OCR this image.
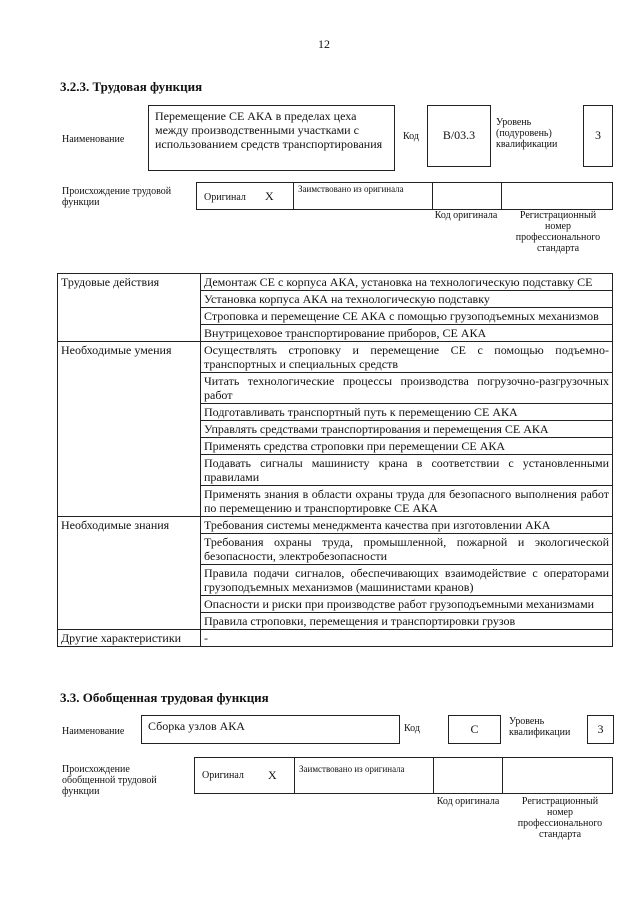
12
3.2.3. Трудовая функция
Наименование
Перемещение СЕ АКА в пределах цеха между производственными участками с использованием средств транспортирования
Код	В/03.3
Уровень (подуровень) квалификации
3
Происхождение трудовой функции	Оригинал X	Заимствовано из оригинала
Код оригинала	Регистрационный номер профессионального стандарта
Трудовые действия	Демонтаж СЕ с корпуса АКА, установка на технологическую подставку СЕ
	Установка корпуса АКА на технологическую подставку
	Строповка и перемещение СЕ АКА с помощью грузоподъемных механизмов
	Внутрицеховое транспортирование приборов, СЕ АКА
Необходимые умения	Осуществлять строповку и перемещение СЕ с помощью подъемно-транспортных и специальных средств
	Читать технологические процессы производства погрузочно-разгрузочных работ
	Подготавливать транспортный путь к перемещению СЕ АКА
	Управлять средствами транспортирования и перемещения СЕ АКА
	Применять средства строповки при перемещении СЕ АКА
	Подавать сигналы машинисту крана в соответствии с установленными правилами
	Применять знания в области охраны труда для безопасного выполнения работ по перемещению и транспортировке СЕ АКА
Необходимые знания	Требования системы менеджмента качества при изготовлении АКА
	Требования охраны труда, промышленной, пожарной и экологической безопасности, электробезопасности
	Правила подачи сигналов, обеспечивающих взаимодействие с операторами грузоподъемных механизмов (машинистами кранов)
	Опасности и риски при производстве работ грузоподъемными механизмами
	Правила строповки, перемещения и транспортировки грузов
Другие характеристики	-
3.3. Обобщенная трудовая функция
Наименование	Сборка узлов АКА	Код	С
Уровень квалификации	3
Происхождение обобщенной трудовой функции
Оригинал X Заимствовано из оригинала
Код оригинала	Регистрационный номер профессионального стандарта
